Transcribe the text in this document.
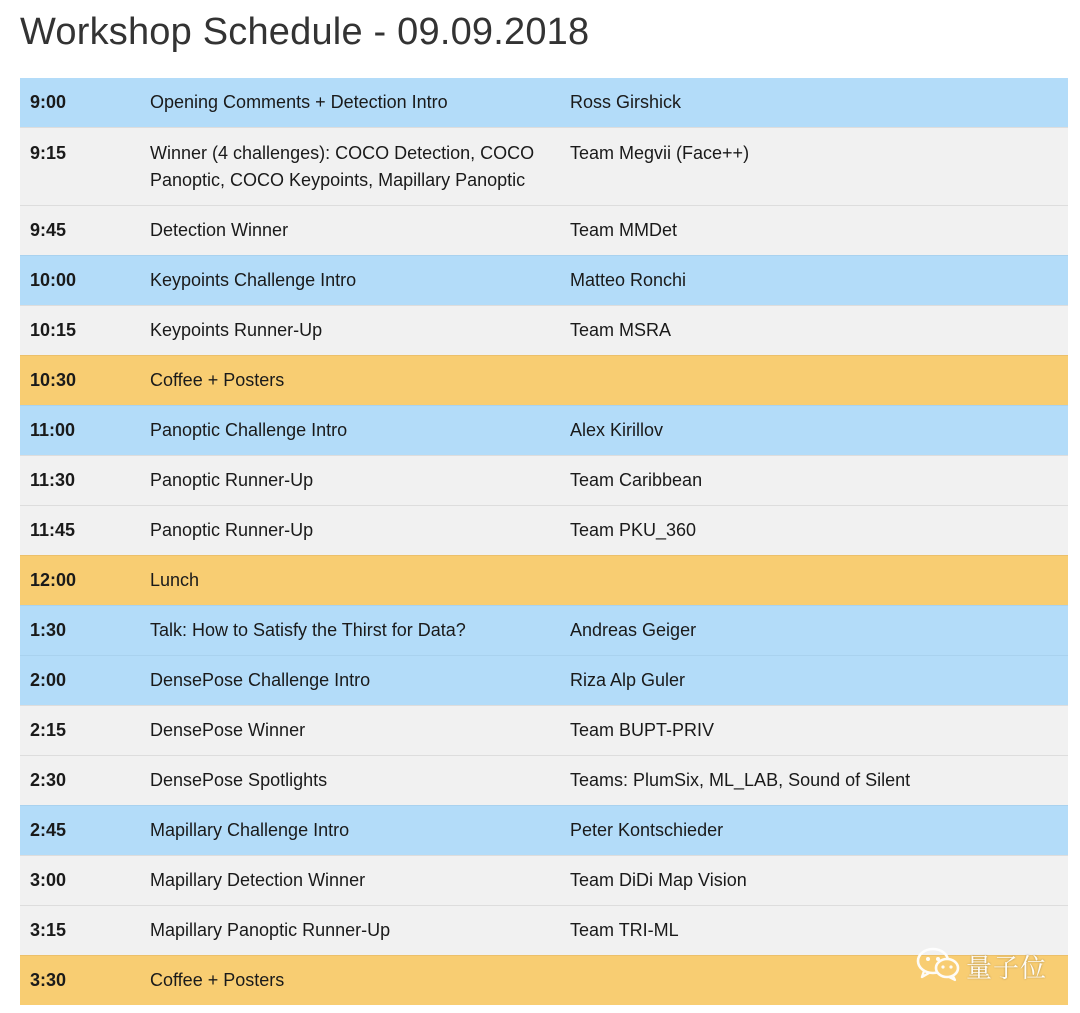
Workshop Schedule - 09.09.2018
9:00	Opening Comments + Detection Intro	Ross Girshick
9:15	Winner (4 challenges): COCO Detection, COCO Panoptic, COCO Keypoints, Mapillary Panoptic	Team Megvii (Face++)
9:45	Detection Winner	Team MMDet
10:00	Keypoints Challenge Intro	Matteo Ronchi
10:15	Keypoints Runner-Up	Team MSRA
10:30	Coffee + Posters	
11:00	Panoptic Challenge Intro	Alex Kirillov
11:30	Panoptic Runner-Up	Team Caribbean
11:45	Panoptic Runner-Up	Team PKU_360
12:00	Lunch	
1:30	Talk: How to Satisfy the Thirst for Data?	Andreas Geiger
2:00	DensePose Challenge Intro	Riza Alp Guler
2:15	DensePose Winner	Team BUPT-PRIV
2:30	DensePose Spotlights	Teams: PlumSix, ML_LAB, Sound of Silent
2:45	Mapillary Challenge Intro	Peter Kontschieder
3:00	Mapillary Detection Winner	Team DiDi Map Vision
3:15	Mapillary Panoptic Runner-Up	Team TRI-ML
3:30	Coffee + Posters		量子位
